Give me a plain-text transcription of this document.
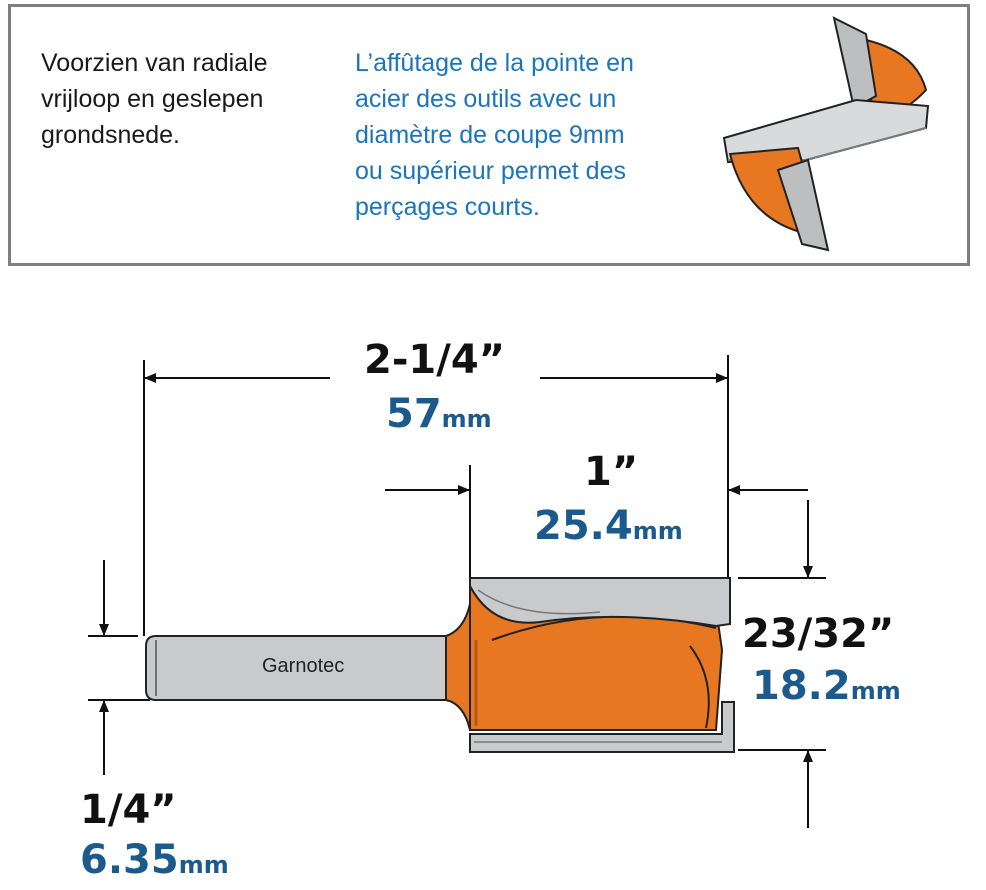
Voorzien van radiale
vrijloop en geslepen
grondsnede.

L’affûtage de la pointe en
acier des outils avec un
diamètre de coupe 9mm
ou supérieur permet des
perçages courts.

Garnotec
2-1/4”
57mm
1”
25.4mm
23/32”
18.2mm
1/4”
6.35mm
